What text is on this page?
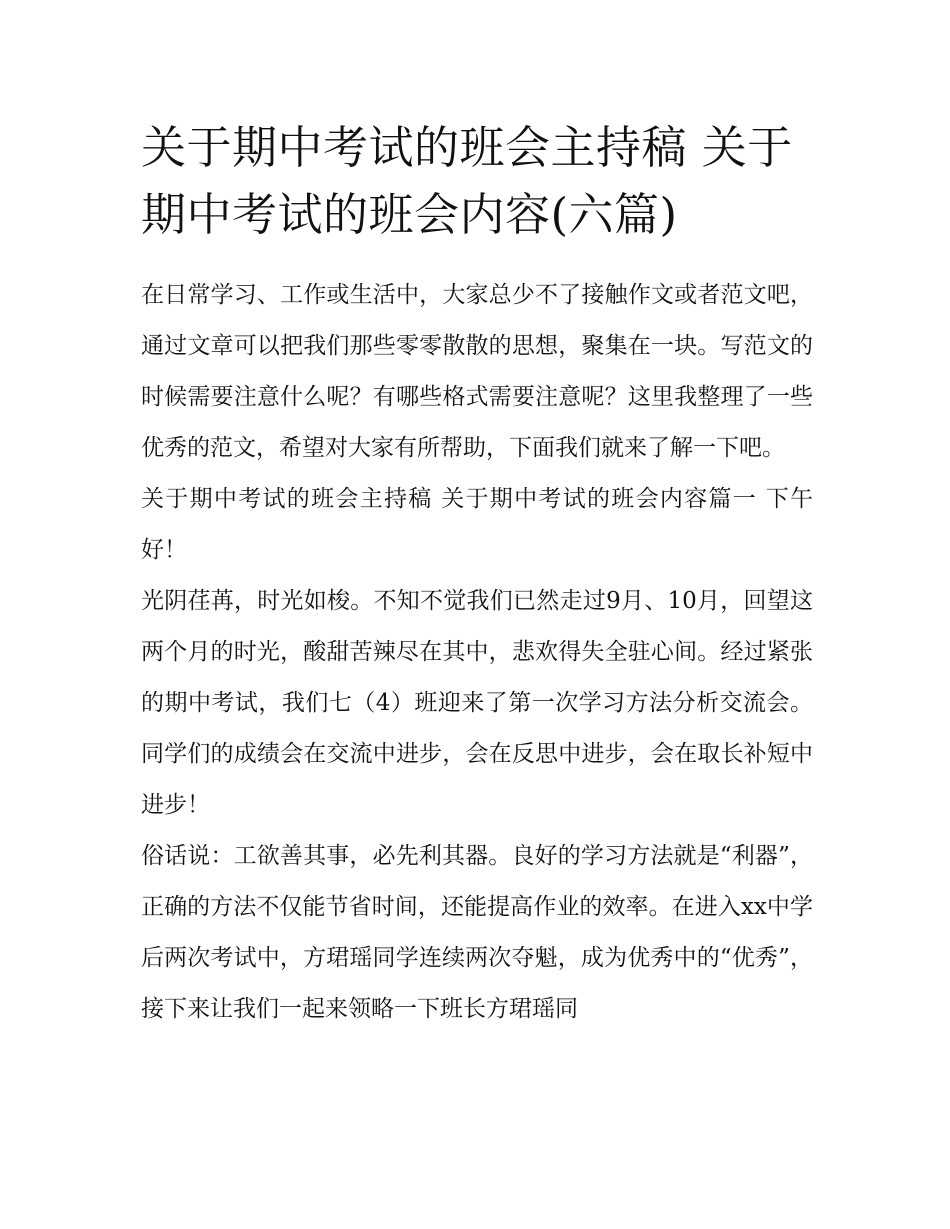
关于期中考试的班会主持稿 关于期中考试的班会内容(六篇)

在日常学习、工作或生活中，大家总少不了接触作文或者范文吧，通过文章可以把我们那些零零散散的思想，聚集在一块。写范文的时候需要注意什么呢？有哪些格式需要注意呢？这里我整理了一些优秀的范文，希望对大家有所帮助，下面我们就来了解一下吧。

关于期中考试的班会主持稿 关于期中考试的班会内容篇一 下午好！

光阴荏苒，时光如梭。不知不觉我们已然走过9月、10月，回望这两个月的时光，酸甜苦辣尽在其中，悲欢得失全驻心间。经过紧张的期中考试，我们七（4）班迎来了第一次学习方法分析交流会。同学们的成绩会在交流中进步，会在反思中进步，会在取长补短中进步！

俗话说：工欲善其事，必先利其器。良好的学习方法就是“利器”，正确的方法不仅能节省时间，还能提高作业的效率。在进入xx中学后两次考试中，方珺瑶同学连续两次夺魁，成为优秀中的“优秀”，接下来让我们一起来领略一下班长方珺瑶同
